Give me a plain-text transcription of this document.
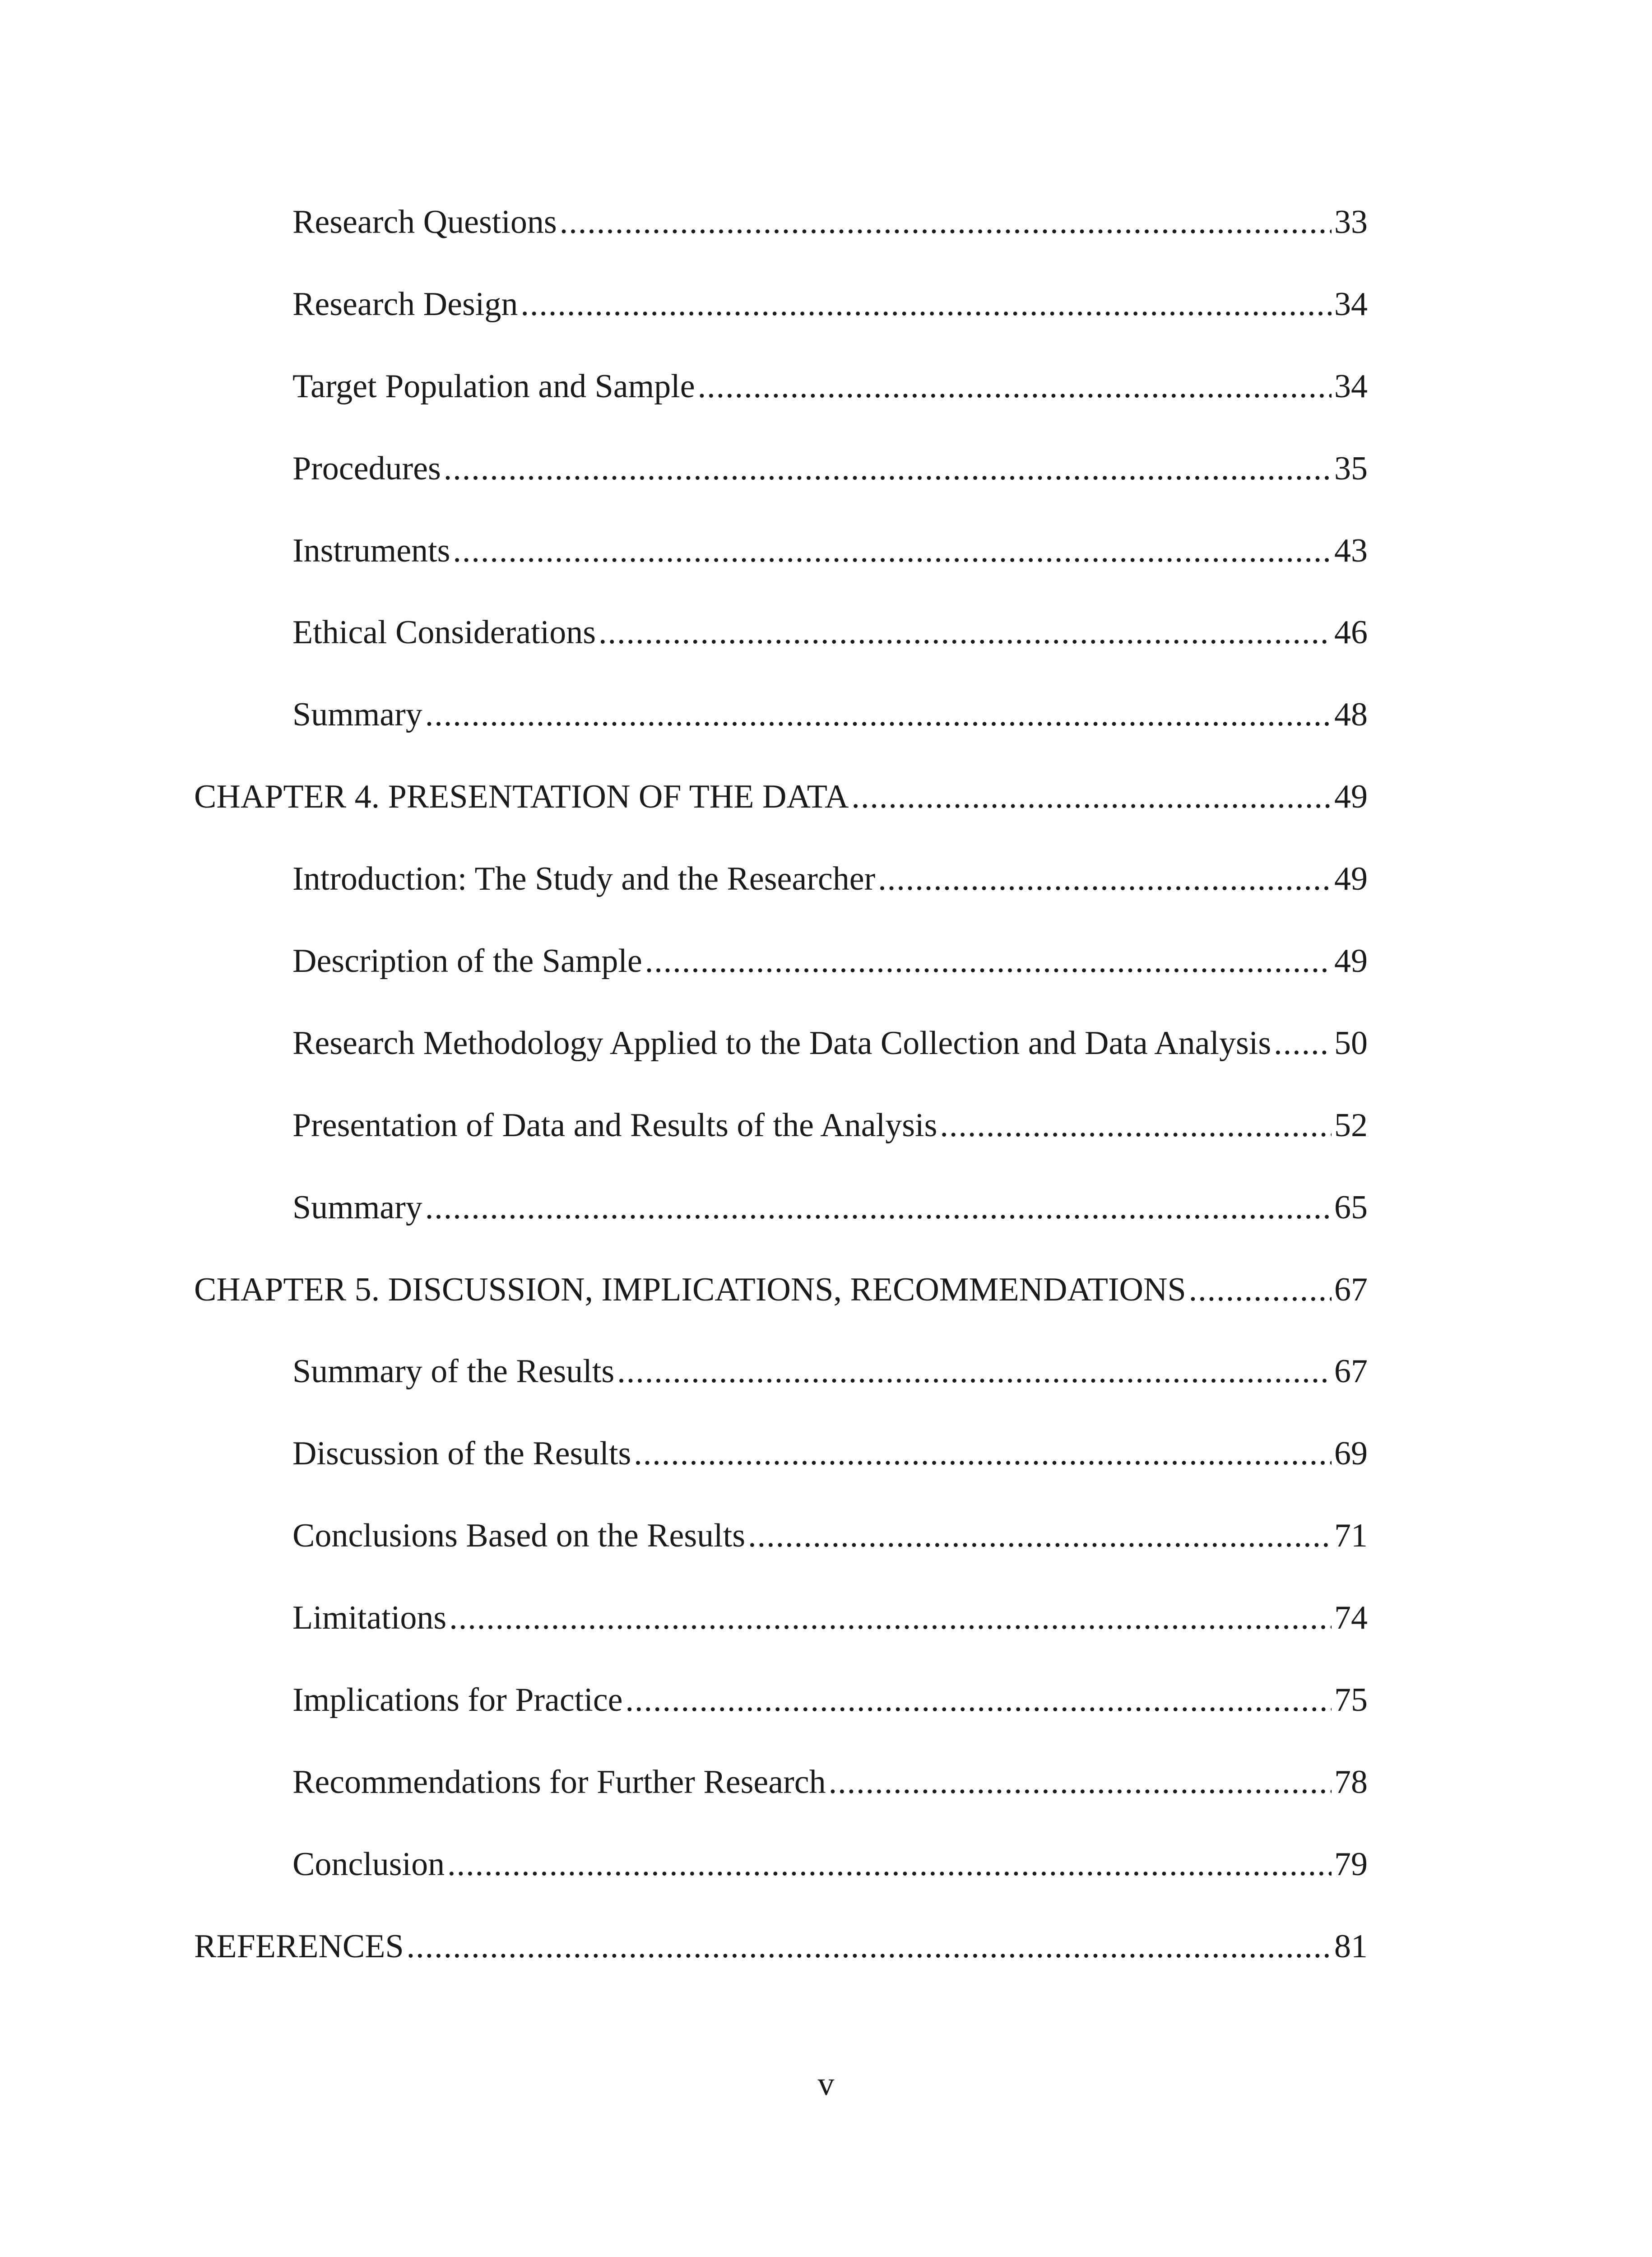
Research Questions .....	33
Research Design .....	34
Target Population and Sample .....	34
Procedures .....	35
Instruments .....	43
Ethical Considerations .....	46
Summary .....	48
CHAPTER 4. PRESENTATION OF THE DATA .....	49
Introduction: The Study and the Researcher .....	49
Description of the Sample .....	49
Research Methodology Applied to the Data Collection and Data Analysis ..... 50
Presentation of Data and Results of the Analysis .....	52
Summary .....	65
CHAPTER 5. DISCUSSION, IMPLICATIONS, RECOMMENDATIONS .....	67
Summary of the Results .....	67
Discussion of the Results .....	69
Conclusions Based on the Results .....	71
Limitations .....	74
Implications for Practice .....	75
Recommendations for Further Research .....	78
Conclusion .....	79
REFERENCES .....	81
v
